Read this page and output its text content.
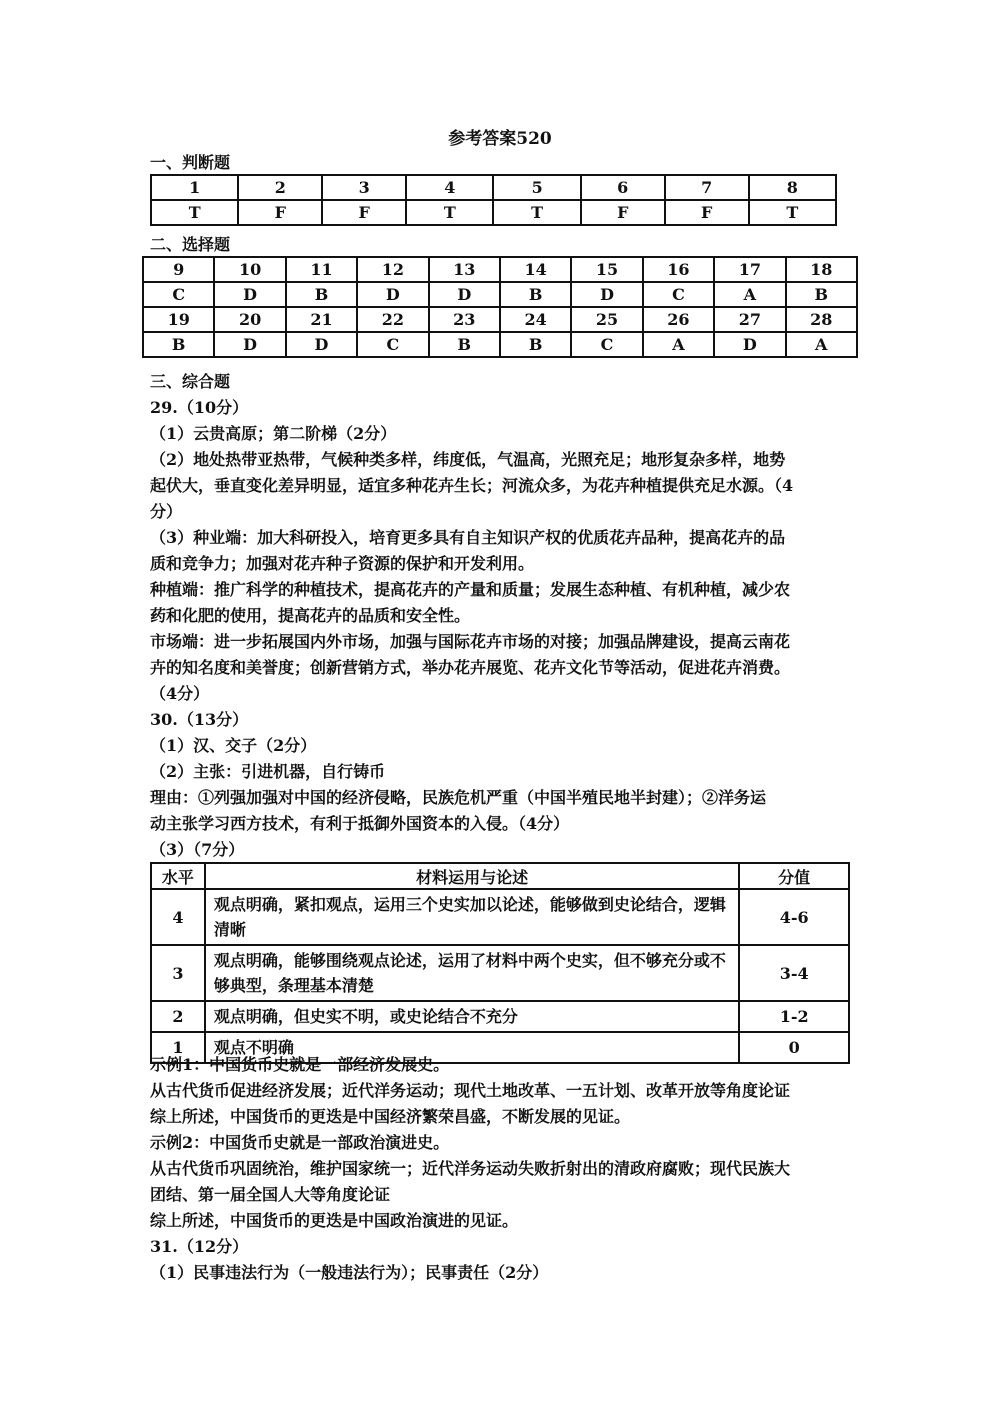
参考答案520
一、判断题
1	2	3	4	5	6	7	8
T	F	F	T	T	F	F	T
二、选择题
9	10	11	12	13	14	15	16	17	18
C	D	B	D	D	B	D	C	A	B
19	20	21	22	23	24	25	26	27	28
B	D	D	C	B	B	C	A	D	A
三、综合题
29.（10分）
（1）云贵高原；第二阶梯（2分）
（2）地处热带亚热带，气候种类多样，纬度低，气温高，光照充足；地形复杂多样，地势
起伏大，垂直变化差异明显，适宜多种花卉生长；河流众多，为花卉种植提供充足水源。（4
分）
（3）种业端：加大科研投入，培育更多具有自主知识产权的优质花卉品种，提高花卉的品
质和竞争力；加强对花卉种子资源的保护和开发利用。
种植端：推广科学的种植技术，提高花卉的产量和质量；发展生态种植、有机种植，减少农
药和化肥的使用，提高花卉的品质和安全性。
市场端：进一步拓展国内外市场，加强与国际花卉市场的对接；加强品牌建设，提高云南花
卉的知名度和美誉度；创新营销方式，举办花卉展览、花卉文化节等活动，促进花卉消费。
（4分）
30.（13分）
（1）汉、交子（2分）
（2）主张：引进机器，自行铸币
理由：①列强加强对中国的经济侵略，民族危机严重（中国半殖民地半封建）；②洋务运
动主张学习西方技术，有利于抵御外国资本的入侵。（4分）
（3）（7分）
水平	材料运用与论述	分值
4	观点明确，紧扣观点，运用三个史实加以论述，能够做到史论结合，逻辑清晰	4-6
3	观点明确，能够围绕观点论述，运用了材料中两个史实，但不够充分或不够典型，条理基本清楚	3-4
2	观点明确，但史实不明，或史论结合不充分	1-2
1	观点不明确	0
示例1：中国货币史就是一部经济发展史。
从古代货币促进经济发展；近代洋务运动；现代土地改革、一五计划、改革开放等角度论证
综上所述，中国货币的更迭是中国经济繁荣昌盛，不断发展的见证。
示例2：中国货币史就是一部政治演进史。
从古代货币巩固统治，维护国家统一；近代洋务运动失败折射出的清政府腐败；现代民族大
团结、第一届全国人大等角度论证
综上所述，中国货币的更迭是中国政治演进的见证。
31.（12分）
（1）民事违法行为（一般违法行为）；民事责任（2分）
